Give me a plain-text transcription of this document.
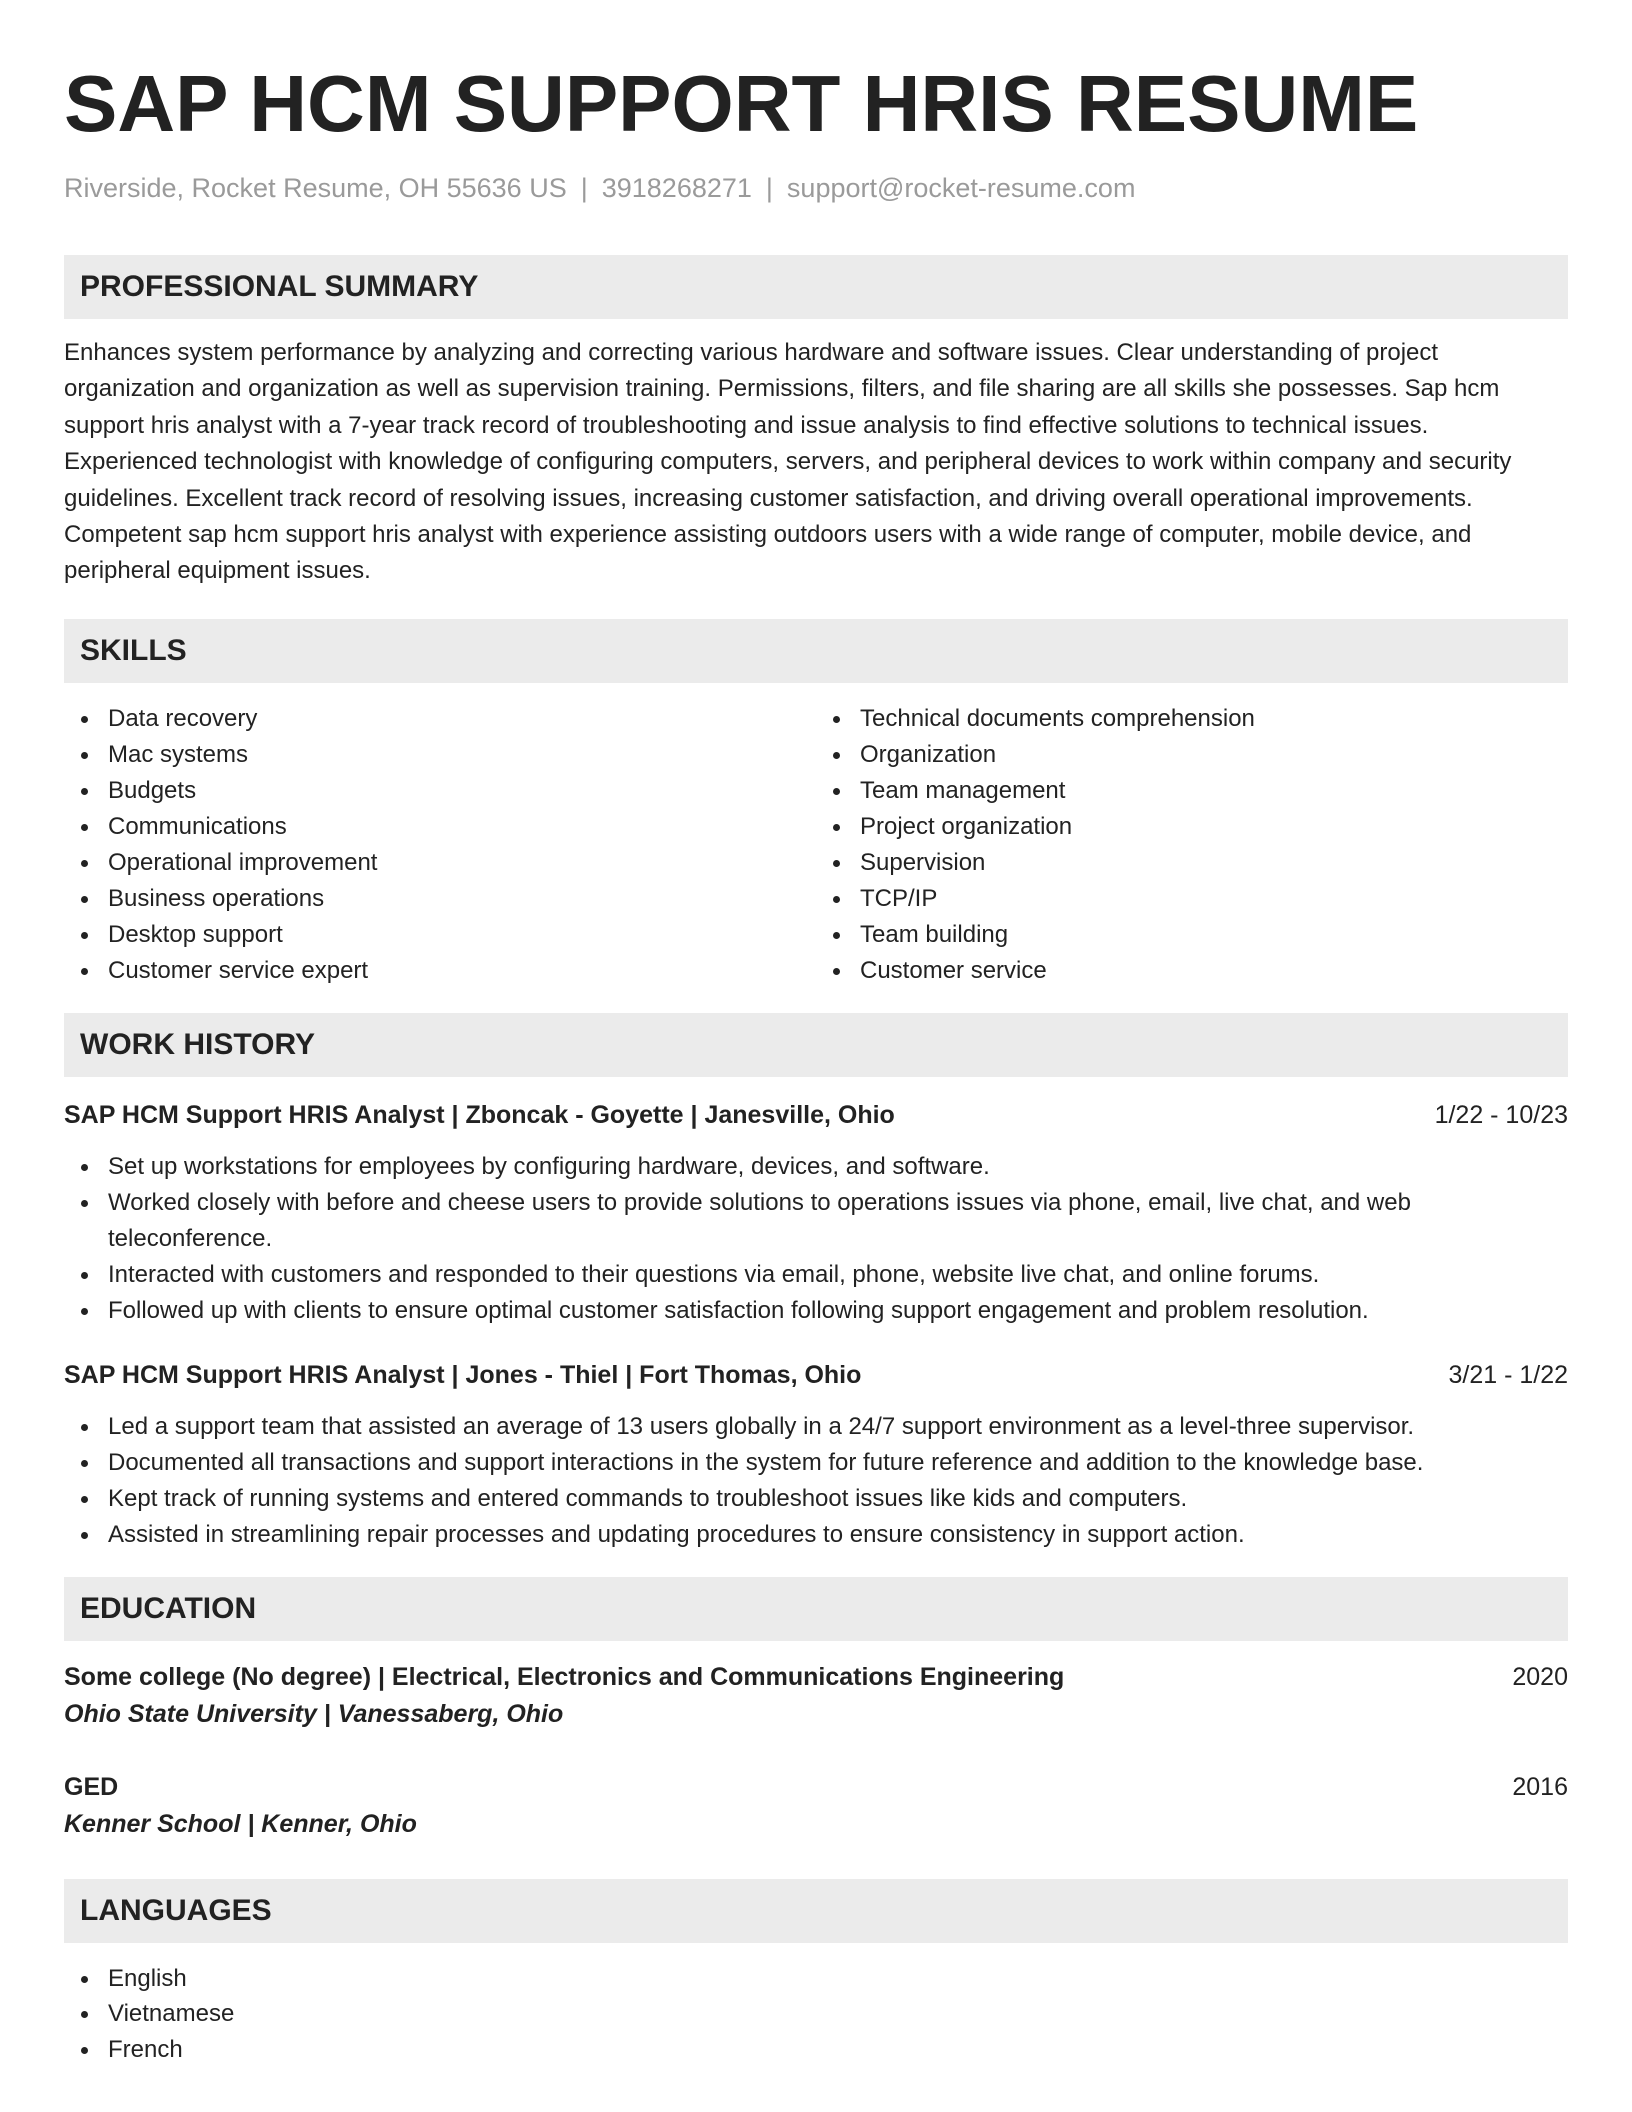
SAP HCM SUPPORT HRIS RESUME
Riverside, Rocket Resume, OH 55636 US | 3918268271 | support@rocket-resume.com
PROFESSIONAL SUMMARY
Enhances system performance by analyzing and correcting various hardware and software issues. Clear understanding of project organization and organization as well as supervision training. Permissions, filters, and file sharing are all skills she possesses. Sap hcm support hris analyst with a 7-year track record of troubleshooting and issue analysis to find effective solutions to technical issues. Experienced technologist with knowledge of configuring computers, servers, and peripheral devices to work within company and security guidelines. Excellent track record of resolving issues, increasing customer satisfaction, and driving overall operational improvements. Competent sap hcm support hris analyst with experience assisting outdoors users with a wide range of computer, mobile device, and peripheral equipment issues.
SKILLS
Data recovery
Mac systems
Budgets
Communications
Operational improvement
Business operations
Desktop support
Customer service expert
Technical documents comprehension
Organization
Team management
Project organization
Supervision
TCP/IP
Team building
Customer service
WORK HISTORY
SAP HCM Support HRIS Analyst | Zboncak - Goyette | Janesville, Ohio	1/22 - 10/23
Set up workstations for employees by configuring hardware, devices, and software.
Worked closely with before and cheese users to provide solutions to operations issues via phone, email, live chat, and web teleconference.
Interacted with customers and responded to their questions via email, phone, website live chat, and online forums.
Followed up with clients to ensure optimal customer satisfaction following support engagement and problem resolution.
SAP HCM Support HRIS Analyst | Jones - Thiel | Fort Thomas, Ohio	3/21 - 1/22
Led a support team that assisted an average of 13 users globally in a 24/7 support environment as a level-three supervisor.
Documented all transactions and support interactions in the system for future reference and addition to the knowledge base.
Kept track of running systems and entered commands to troubleshoot issues like kids and computers.
Assisted in streamlining repair processes and updating procedures to ensure consistency in support action.
EDUCATION
Some college (No degree) | Electrical, Electronics and Communications Engineering	2020
Ohio State University | Vanessaberg, Ohio
GED	2016
Kenner School | Kenner, Ohio
LANGUAGES
English
Vietnamese
French
